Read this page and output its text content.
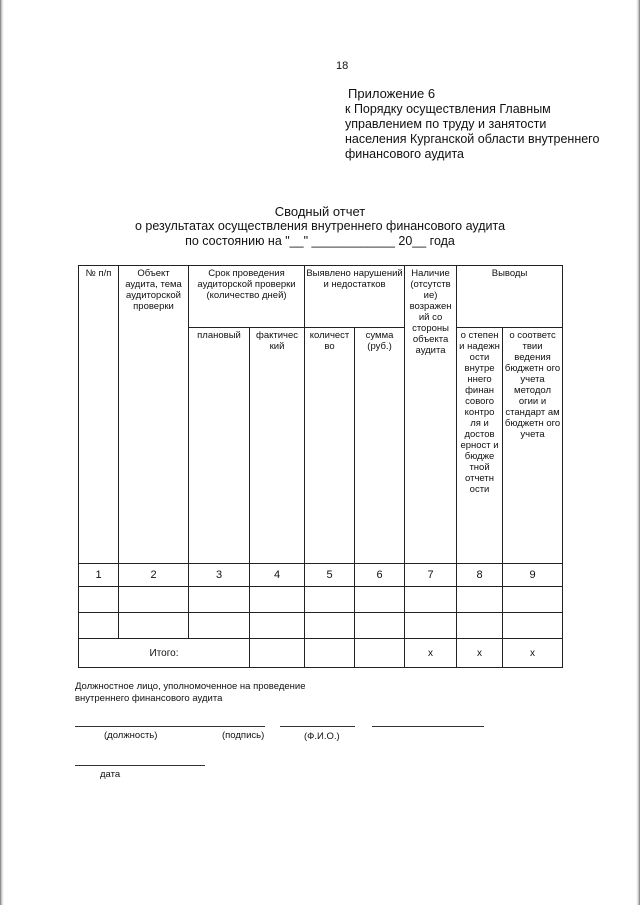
18
Приложение 6
к Порядку осуществления Главным
управлением по труду и занятости
населения Курганской области внутреннего
финансового аудита
Сводный отчет
о результатах осуществления внутреннего финансового аудита
по состоянию на "__" ____________ 20__ года
№ п/п	Объект аудита, тема аудиторской проверки	Срок проведения аудиторской проверки (количество дней)		Выявлено нарушений и недостатков		Наличие (отсутств ие) возражен ий со стороны объекта аудита	Выводы	
		плановый	фактичес кий	количест во	сумма (руб.)		о степен и надежн ости внутре ннего финан сового контро ля и достов ерност и бюдже тной отчетн ости	о соответс твии ведения бюджетн ого учета методол огии и стандарт ам бюджетн ого учета
1	2	3	4	5	6	7	8	9

Итого:						x	x	x
Должностное лицо, уполномоченное на проведение внутреннего финансового аудита
(должность)	(подпись)	(Ф.И.О.)
дата
